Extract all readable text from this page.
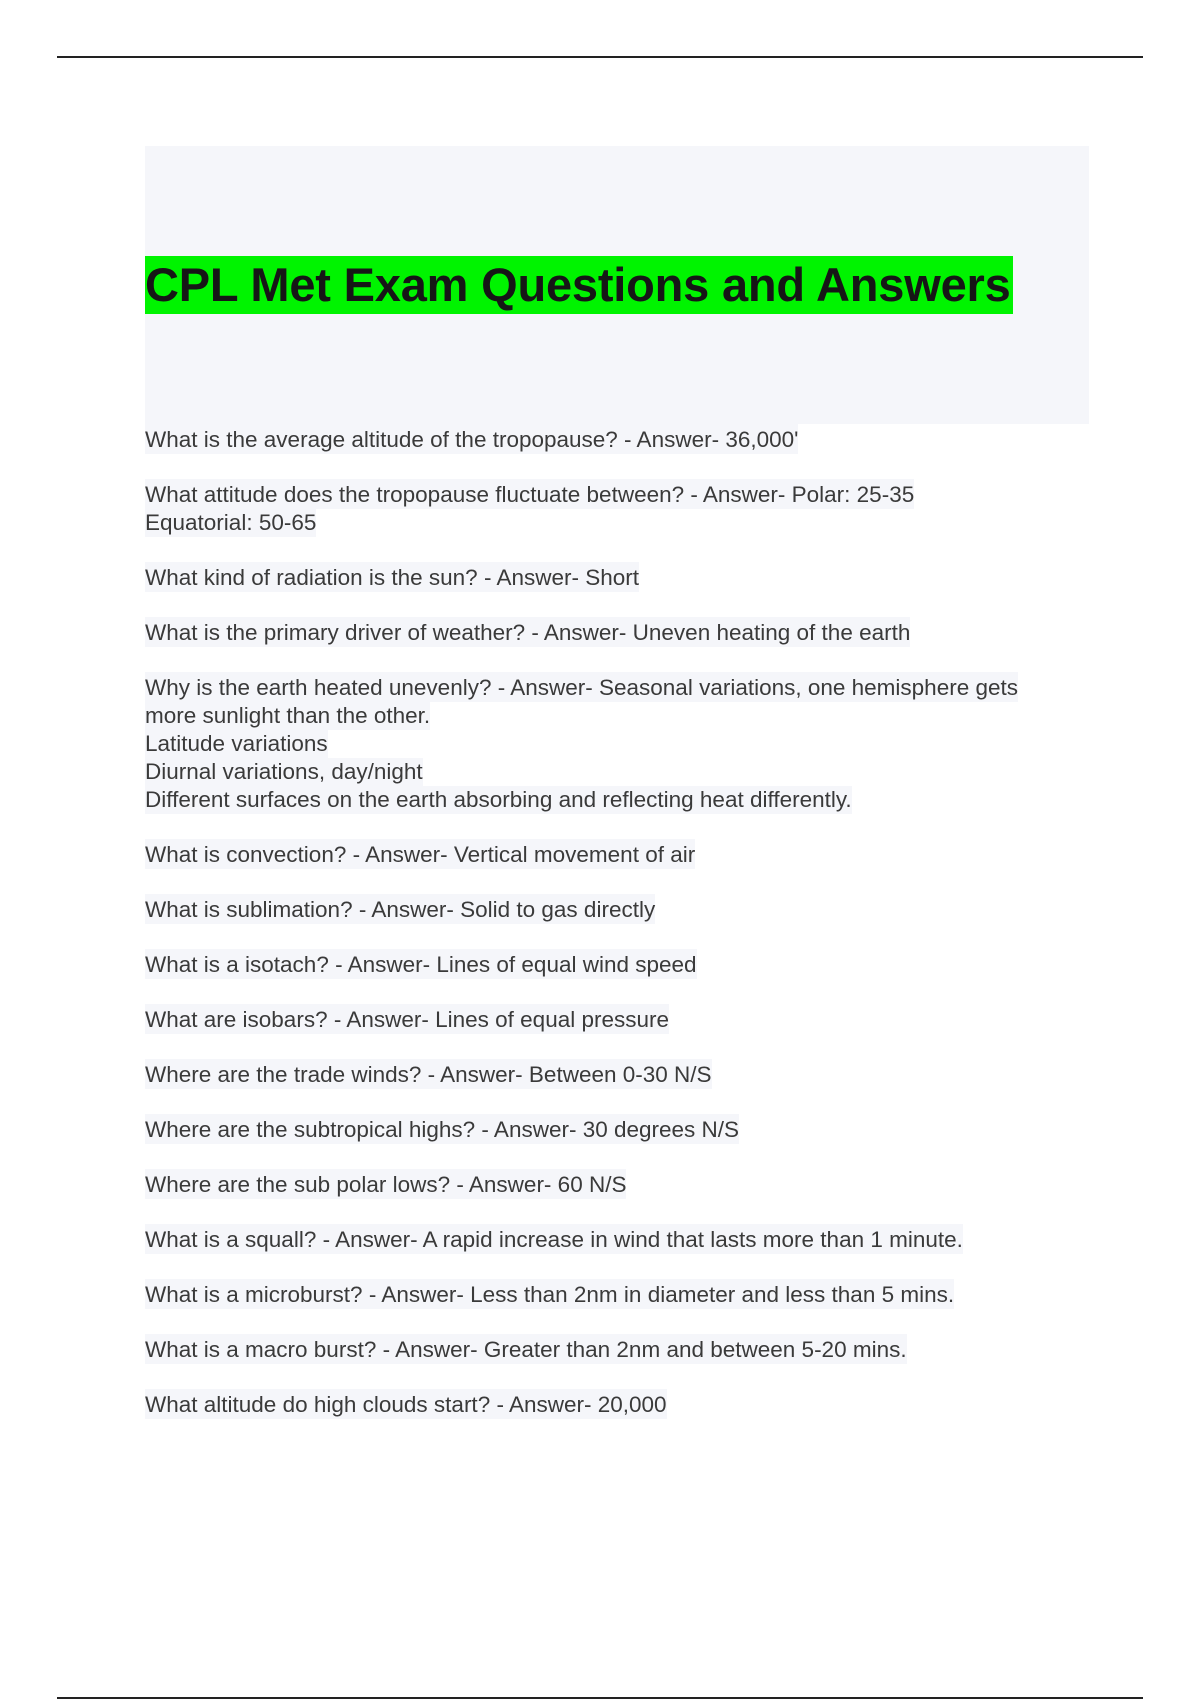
CPL Met Exam Questions and Answers
What is the average altitude of the tropopause? - Answer- 36,000'
What attitude does the tropopause fluctuate between? - Answer- Polar: 25-35
Equatorial: 50-65
What kind of radiation is the sun? - Answer- Short
What is the primary driver of weather? - Answer- Uneven heating of the earth
Why is the earth heated unevenly? - Answer- Seasonal variations, one hemisphere gets
more sunlight than the other.
Latitude variations
Diurnal variations, day/night
Different surfaces on the earth absorbing and reflecting heat differently.
What is convection? - Answer- Vertical movement of air
What is sublimation? - Answer- Solid to gas directly
What is a isotach? - Answer- Lines of equal wind speed
What are isobars? - Answer- Lines of equal pressure
Where are the trade winds? - Answer- Between 0-30 N/S
Where are the subtropical highs? - Answer- 30 degrees N/S
Where are the sub polar lows? - Answer- 60 N/S
What is a squall? - Answer- A rapid increase in wind that lasts more than 1 minute.
What is a microburst? - Answer- Less than 2nm in diameter and less than 5 mins.
What is a macro burst? - Answer- Greater than 2nm and between 5-20 mins.
What altitude do high clouds start? - Answer- 20,000
